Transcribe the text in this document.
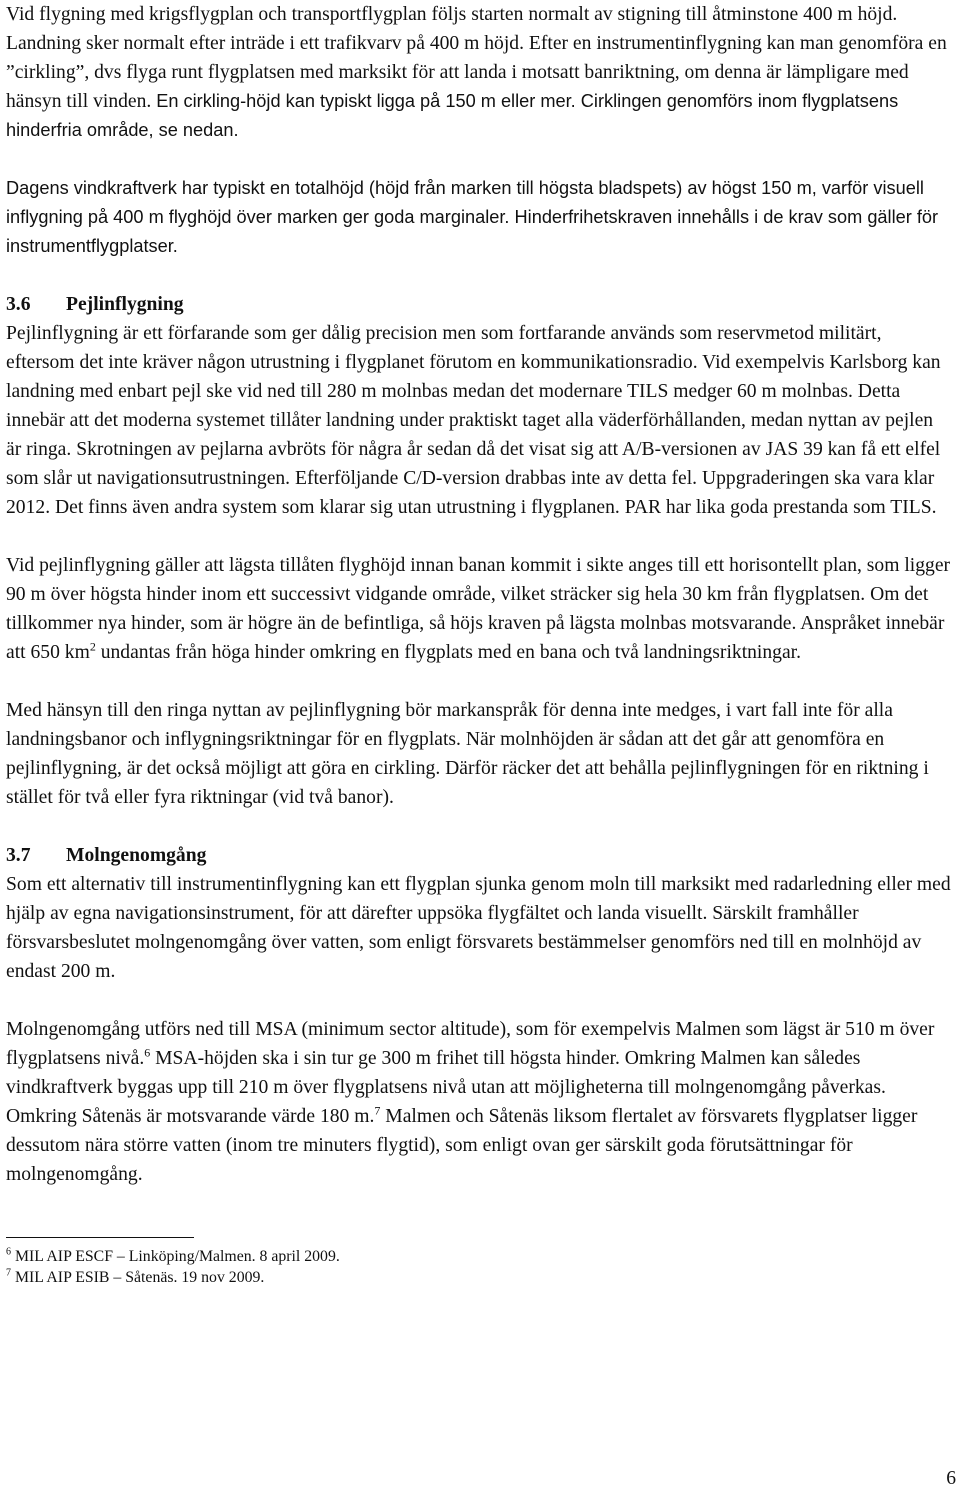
Vid flygning med krigsflygplan och transportflygplan följs starten normalt av stigning till åtminstone 400 m höjd. Landning sker normalt efter inträde i ett trafikvarv på 400 m höjd. Efter en instrumentinflygning kan man genomföra en ”cirkling”, dvs flyga runt flygplatsen med marksikt för att landa i motsatt banriktning, om denna är lämpligare med hänsyn till vinden. En cirkling-höjd kan typiskt ligga på 150 m eller mer. Cirklingen genomförs inom flygplatsens hinderfria område, se nedan.

Dagens vindkraftverk har typiskt en totalhöjd (höjd från marken till högsta bladspets) av högst 150 m, varför visuell inflygning på 400 m flyghöjd över marken ger goda marginaler. Hinderfrihetskraven innehålls i de krav som gäller för instrumentflygplatser.

3.6 Pejlinflygning

Pejlinflygning är ett förfarande som ger dålig precision men som fortfarande används som reservmetod militärt, eftersom det inte kräver någon utrustning i flygplanet förutom en kommunikationsradio. Vid exempelvis Karlsborg kan landning med enbart pejl ske vid ned till 280 m molnbas medan det modernare TILS medger 60 m molnbas. Detta innebär att det moderna systemet tillåter landning under praktiskt taget alla väderförhållanden, medan nyttan av pejlen är ringa. Skrotningen av pejlarna avbröts för några år sedan då det visat sig att A/B-versionen av JAS 39 kan få ett elfel som slår ut navigationsutrustningen. Efterföljande C/D-version drabbas inte av detta fel. Uppgraderingen ska vara klar 2012. Det finns även andra system som klarar sig utan utrustning i flygplanen. PAR har lika goda prestanda som TILS.

Vid pejlinflygning gäller att lägsta tillåten flyghöjd innan banan kommit i sikte anges till ett horisontellt plan, som ligger 90 m över högsta hinder inom ett successivt vidgande område, vilket sträcker sig hela 30 km från flygplatsen. Om det tillkommer nya hinder, som är högre än de befintliga, så höjs kraven på lägsta molnbas motsvarande. Anspråket innebär att 650 $km^2$ undantas från höga hinder omkring en flygplats med en bana och två landningsriktningar.

Med hänsyn till den ringa nyttan av pejlinflygning bör markanspråk för denna inte medges, i vart fall inte för alla landningsbanor och inflygningsriktningar för en flygplats. När molnhöjden är sådan att det går att genomföra en pejlinflygning, är det också möjligt att göra en cirkling. Därför räcker det att behålla pejlinflygningen för en riktning i stället för två eller fyra riktningar (vid två banor).

3.7 Molngenomgång

Som ett alternativ till instrumentinflygning kan ett flygplan sjunka genom moln till marksikt med radarledning eller med hjälp av egna navigationsinstrument, för att därefter uppsöka flygfältet och landa visuellt. Särskilt framhåller försvarsbeslutet molngenomgång över vatten, som enligt försvarets bestämmelser genomförs ned till en molnhöjd av endast 200 m.

Molngenomgång utförs ned till MSA (minimum sector altitude), som för exempelvis Malmen som lägst är 510 m över flygplatsens nivå.$^6$ MSA-höjden ska i sin tur ge 300 m frihet till högsta hinder. Omkring Malmen kan således vindkraftverk byggas upp till 210 m över flygplatsens nivå utan att möjligheterna till molngenomgång påverkas. Omkring Såtenäs är motsvarande värde 180 m.$^7$ Malmen och Såtenäs liksom flertalet av försvarets flygplatser ligger dessutom nära större vatten (inom tre minuters flygtid), som enligt ovan ger särskilt goda förutsättningar för molngenomgång.

$^6$ MIL AIP ESCF – Linköping/Malmen. 8 april 2009.

$^7$ MIL AIP ESIB – Såtenäs. 19 nov 2009.

6
